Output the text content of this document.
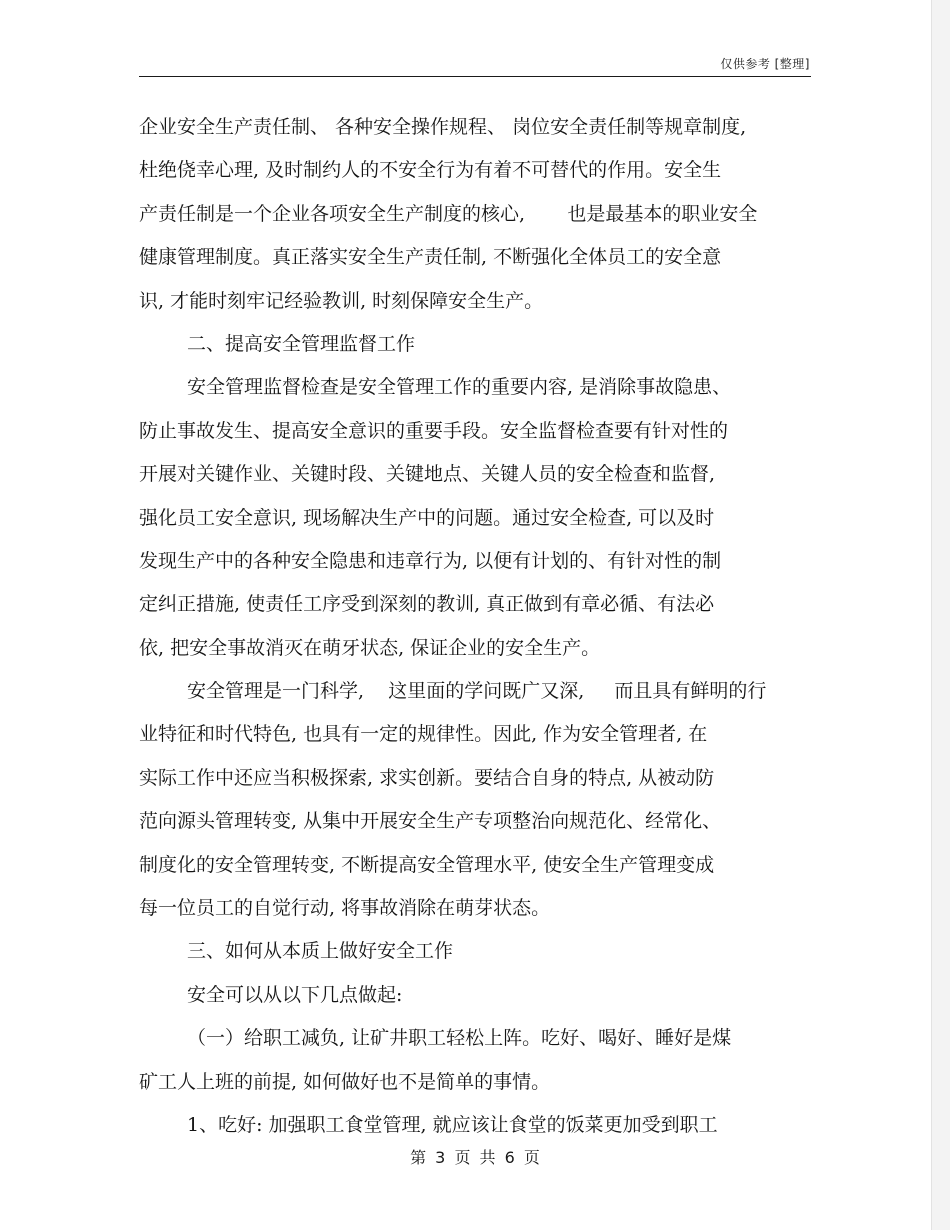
仅供参考 [整理]
企业安全生产责任制、 各种安全操作规程、 岗位安全责任制等规章制度,
杜绝侥幸心理, 及时制约人的不安全行为有着不可替代的作用。安全生
产责任制是一个企业各项安全生产制度的核心,       也是最基本的职业安全
健康管理制度。真正落实安全生产责任制, 不断强化全体员工的安全意
识, 才能时刻牢记经验教训, 时刻保障安全生产。
二、提高安全管理监督工作
安全管理监督检查是安全管理工作的重要内容, 是消除事故隐患、
防止事故发生、提高安全意识的重要手段。安全监督检查要有针对性的
开展对关键作业、关键时段、关键地点、关键人员的安全检查和监督,
强化员工安全意识, 现场解决生产中的问题。通过安全检查, 可以及时
发现生产中的各种安全隐患和违章行为, 以便有计划的、有针对性的制
定纠正措施, 使责任工序受到深刻的教训, 真正做到有章必循、有法必
依, 把安全事故消灭在萌牙状态, 保证企业的安全生产。
安全管理是一门科学,    这里面的学问既广又深,     而且具有鲜明的行
业特征和时代特色, 也具有一定的规律性。因此, 作为安全管理者, 在
实际工作中还应当积极探索, 求实创新。要结合自身的特点, 从被动防
范向源头管理转变, 从集中开展安全生产专项整治向规范化、经常化、
制度化的安全管理转变, 不断提高安全管理水平, 使安全生产管理变成
每一位员工的自觉行动, 将事故消除在萌芽状态。
三、如何从本质上做好安全工作
安全可以从以下几点做起:
（一）给职工减负, 让矿井职工轻松上阵。吃好、喝好、睡好是煤
矿工人上班的前提, 如何做好也不是简单的事情。
1、吃好: 加强职工食堂管理, 就应该让食堂的饭菜更加受到职工
第 3 页 共 6 页
